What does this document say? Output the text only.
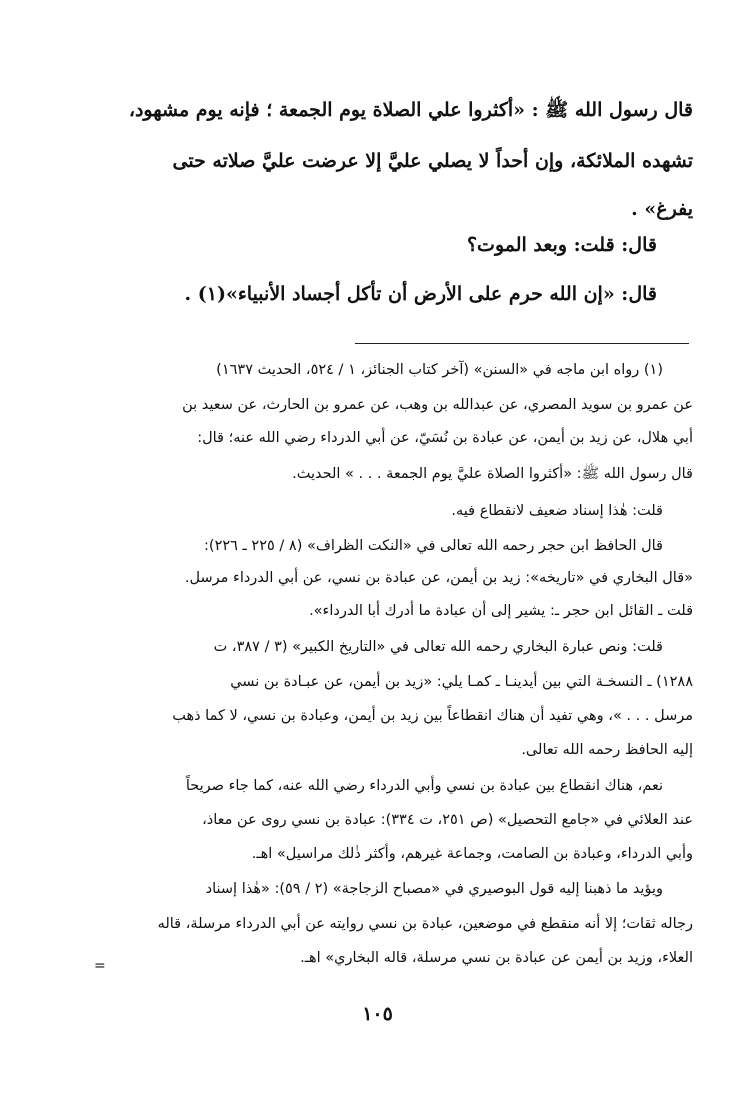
قال رسول الله ﷺ : «أكثروا علي الصلاة يوم الجمعة ؛ فإنه يوم مشهود،
تشهده الملائكة، وإن أحداً لا يصلي عليَّ إلا عرضت عليَّ صلاته حتى
يفرغ» .
قال: قلت: وبعد الموت؟
قال: «إن الله حرم على الأرض أن تأكل أجساد الأنبياء»(١) .
(١) رواه ابن ماجه في «السنن» (آخر كتاب الجنائز، ١ / ٥٢٤، الحديث ١٦٣٧)
عن عمرو بن سويد المصري، عن عبدالله بن وهب، عن عمرو بن الحارث، عن سعيد بن
أبي هلال، عن زيد بن أيمن، عن عبادة بن نُسَيّ، عن أبي الدرداء رضي الله عنه؛ قال:
قال رسول الله ﷺ: «أكثروا الصلاة عليَّ يوم الجمعة . . . » الحديث.
قلت: هٰذا إسناد ضعيف لانقطاع فيه.
قال الحافظ ابن حجر رحمه الله تعالى في «النكت الظراف» (٨ / ٢٢٥ ـ ٢٢٦):
«قال البخاري في «تاريخه»: زيد بن أيمن، عن عبادة بن نسي، عن أبي الدرداء مرسل.
قلت ـ القائل ابن حجر ـ: يشير إلى أن عبادة ما أدرك أبا الدرداء».
قلت: ونص عبارة البخاري رحمه الله تعالى في «التاريخ الكبير» (٣ / ٣٨٧، ت
١٢٨٨) ـ النسخـة التي بين أيدينـا ـ كمـا يلي: «زيد بن أيمن، عن عبـادة بن نسي
مرسل . . . »، وهي تفيد أن هناك انقطاعاً بين زيد بن أيمن، وعبادة بن نسي، لا كما ذهب
إليه الحافظ رحمه الله تعالى.
نعم، هناك انقطاع بين عبادة بن نسي وأبي الدرداء رضي الله عنه، كما جاء صريحاً
عند العلائي في «جامع التحصيل» (ص ٢٥١، ت ٣٣٤): عبادة بن نسي روى عن معاذ،
وأبي الدرداء، وعبادة بن الصامت، وجماعة غيرهم، وأكثر ذٰلك مراسيل» اهـ.
ويؤيد ما ذهبنا إليه قول البوصيري في «مصباح الزجاجة» (٢ / ٥٩): «هٰذا إسناد
رجاله ثقات؛ إلا أنه منقطع في موضعين، عبادة بن نسي روايته عن أبي الدرداء مرسلة، قاله
العلاء، وزيد بن أيمن عن عبادة بن نسي مرسلة، قاله البخاري» اهـ.
=
١٠٥
